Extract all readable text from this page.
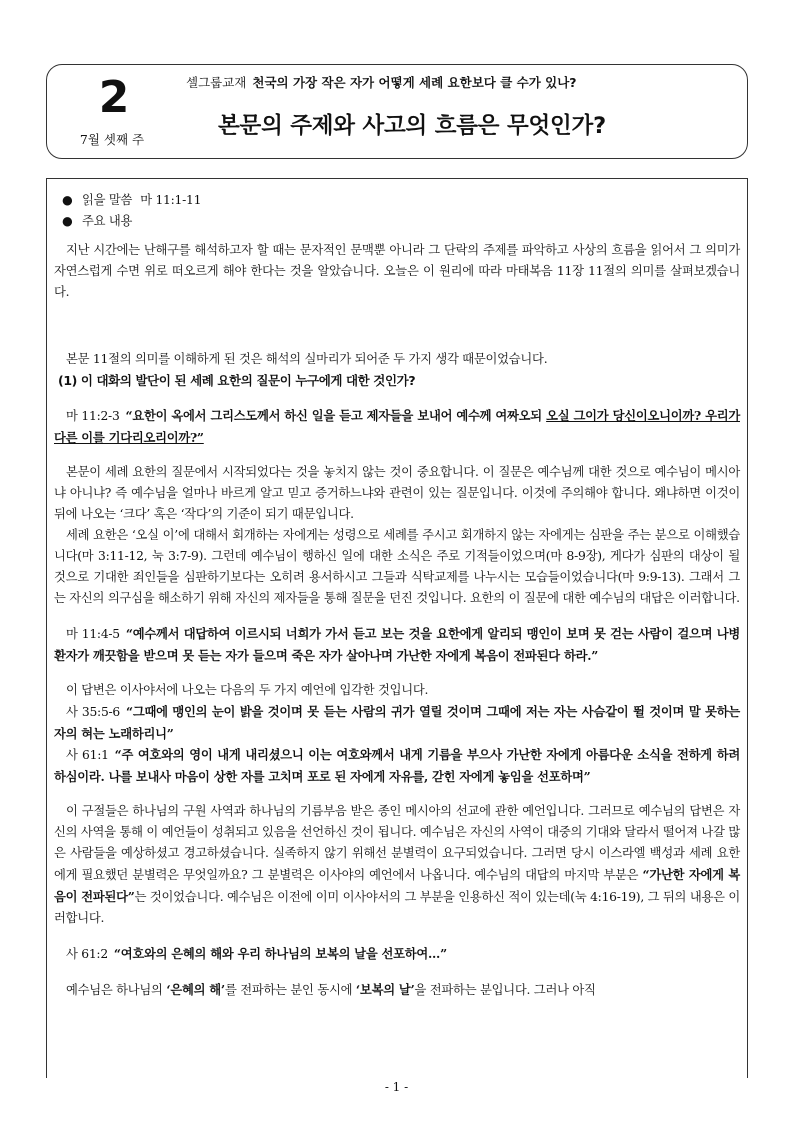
2
7월 셋째 주
셀그룹교재 천국의 가장 작은 자가 어떻게 세례 요한보다 클 수가 있나?
본문의 주제와 사고의 흐름은 무엇인가?
● 읽을 말씀 마 11:1-11
● 주요 내용

지난 시간에는 난해구를 해석하고자 할 때는 문자적인 문맥뿐 아니라 그 단락의 주제를 파악하고 사상의 흐름을 읽어서 그 의미가 자연스럽게 수면 위로 떠오르게 해야 한다는 것을 알았습니다. 오늘은 이 원리에 따라 마태복음 11장 11절의 의미를 살펴보겠습니다.

본문 11절의 의미를 이해하게 된 것은 해석의 실마리가 되어준 두 가지 생각 때문이었습니다.

(1) 이 대화의 발단이 된 세례 요한의 질문이 누구에게 대한 것인가?

마 11:2-3 “요한이 옥에서 그리스도께서 하신 일을 듣고 제자들을 보내어 예수께 여짜오되 오실 그이가 당신이오니이까? 우리가 다른 이를 기다리오리이까?”

본문이 세례 요한의 질문에서 시작되었다는 것을 놓치지 않는 것이 중요합니다. 이 질문은 예수님께 대한 것으로 예수님이 메시아냐 아니냐? 즉 예수님을 얼마나 바르게 알고 믿고 증거하느냐와 관련이 있는 질문입니다. 이것에 주의해야 합니다. 왜냐하면 이것이 뒤에 나오는 ‘크다’ 혹은 ‘작다’의 기준이 되기 때문입니다.

세례 요한은 ‘오실 이’에 대해서 회개하는 자에게는 성령으로 세례를 주시고 회개하지 않는 자에게는 심판을 주는 분으로 이해했습니다(마 3:11-12, 눅 3:7-9). 그런데 예수님이 행하신 일에 대한 소식은 주로 기적들이었으며(마 8-9장), 게다가 심판의 대상이 될 것으로 기대한 죄인들을 심판하기보다는 오히려 용서하시고 그들과 식탁교제를 나누시는 모습들이었습니다(마 9:9-13). 그래서 그는 자신의 의구심을 해소하기 위해 자신의 제자들을 통해 질문을 던진 것입니다. 요한의 이 질문에 대한 예수님의 대답은 이러합니다.

마 11:4-5 “예수께서 대답하여 이르시되 너희가 가서 듣고 보는 것을 요한에게 알리되 맹인이 보며 못 걷는 사람이 걸으며 나병환자가 깨끗함을 받으며 못 듣는 자가 들으며 죽은 자가 살아나며 가난한 자에게 복음이 전파된다 하라.”

이 답변은 이사야서에 나오는 다음의 두 가지 예언에 입각한 것입니다.

사 35:5-6 “그때에 맹인의 눈이 밝을 것이며 못 듣는 사람의 귀가 열릴 것이며 그때에 저는 자는 사슴같이 뛸 것이며 말 못하는 자의 혀는 노래하리니”

사 61:1 “주 여호와의 영이 내게 내리셨으니 이는 여호와께서 내게 기름을 부으사 가난한 자에게 아름다운 소식을 전하게 하려 하심이라. 나를 보내사 마음이 상한 자를 고치며 포로 된 자에게 자유를, 갇힌 자에게 놓임을 선포하며”

이 구절들은 하나님의 구원 사역과 하나님의 기름부음 받은 종인 메시아의 선교에 관한 예언입니다. 그러므로 예수님의 답변은 자신의 사역을 통해 이 예언들이 성취되고 있음을 선언하신 것이 됩니다. 예수님은 자신의 사역이 대중의 기대와 달라서 떨어져 나갈 많은 사람들을 예상하셨고 경고하셨습니다. 실족하지 않기 위해선 분별력이 요구되었습니다. 그러면 당시 이스라엘 백성과 세례 요한에게 필요했던 분별력은 무엇일까요? 그 분별력은 이사야의 예언에서 나옵니다. 예수님의 대답의 마지막 부분은 “가난한 자에게 복음이 전파된다”는 것이었습니다. 예수님은 이전에 이미 이사야서의 그 부분을 인용하신 적이 있는데(눅 4:16-19), 그 뒤의 내용은 이러합니다.

사 61:2 “여호와의 은혜의 해와 우리 하나님의 보복의 날을 선포하여…”

예수님은 하나님의 ‘은혜의 해’를 전파하는 분인 동시에 ‘보복의 날’을 전파하는 분입니다. 그러나 아직

- 1 -
